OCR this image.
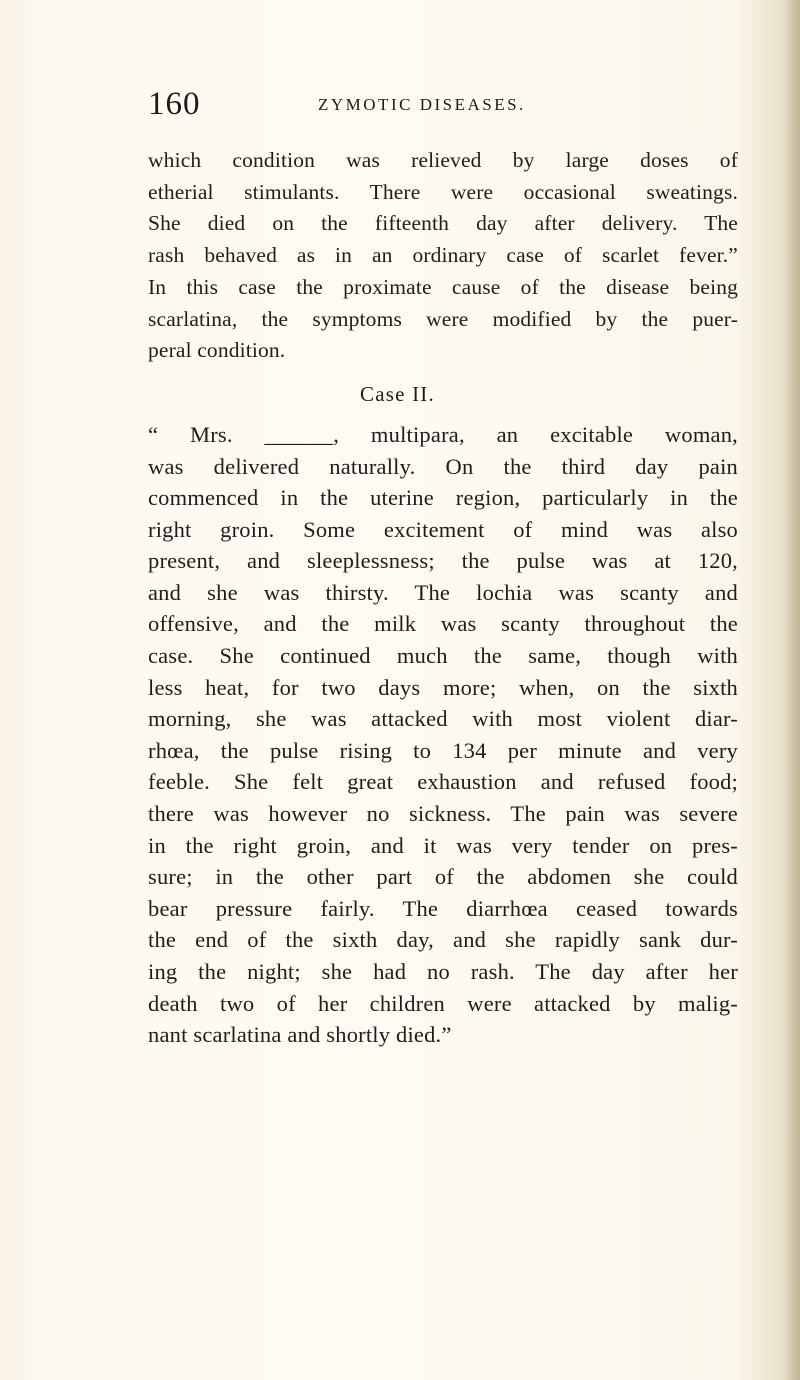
160	ZYMOTIC DISEASES.
which condition was relieved by large doses of
etherial stimulants. There were occasional sweatings.
She died on the fifteenth day after delivery. The
rash behaved as in an ordinary case of scarlet fever.”
In this case the proximate cause of the disease being
scarlatina, the symptoms were modified by the puer-
peral condition.
Case II.
“ Mrs. ______, multipara, an excitable woman,
was delivered naturally. On the third day pain
commenced in the uterine region, particularly in the
right groin. Some excitement of mind was also
present, and sleeplessness; the pulse was at 120,
and she was thirsty. The lochia was scanty and
offensive, and the milk was scanty throughout the
case. She continued much the same, though with
less heat, for two days more; when, on the sixth
morning, she was attacked with most violent diar-
rhœa, the pulse rising to 134 per minute and very
feeble. She felt great exhaustion and refused food;
there was however no sickness. The pain was severe
in the right groin, and it was very tender on pres-
sure; in the other part of the abdomen she could
bear pressure fairly. The diarrhœa ceased towards
the end of the sixth day, and she rapidly sank dur-
ing the night; she had no rash. The day after her
death two of her children were attacked by malig-
nant scarlatina and shortly died.”
